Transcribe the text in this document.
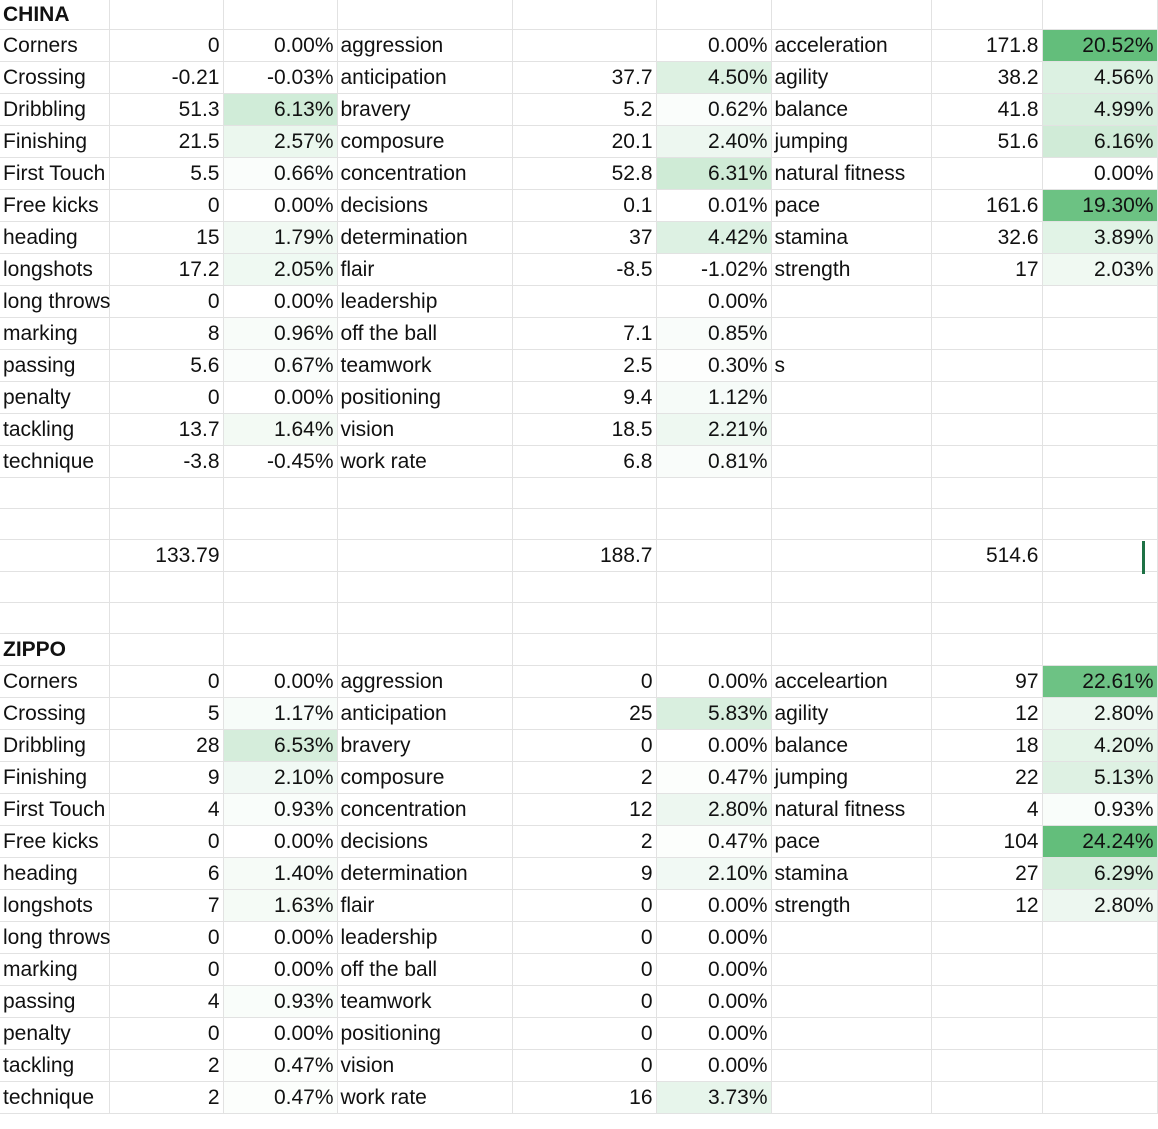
CHINA												
Corners	0		0.00%	aggression			0.00%		acceleration	171.8	20.52%	
Crossing	-0.21		-0.03%	anticipation	37.7		4.50%		agility	38.2	4.56%	
Dribbling	51.3		6.13%	bravery	5.2		0.62%		balance	41.8	4.99%	
Finishing	21.5		2.57%	composure	20.1		2.40%		jumping	51.6	6.16%	
First Touch	5.5		0.66%	concentration	52.8		6.31%		natural fitness		0.00%	
Free kicks	0		0.00%	decisions	0.1		0.01%		pace	161.6	19.30%	
heading	15		1.79%	determination	37		4.42%		stamina	32.6	3.89%	
longshots	17.2		2.05%	flair	-8.5		-1.02%		strength	17	2.03%	
long throws	0		0.00%	leadership			0.00%					
marking	8		0.96%	off the ball	7.1		0.85%					
passing	5.6		0.67%	teamwork	2.5		0.30%		s			
penalty	0		0.00%	positioning	9.4		1.12%					
tackling	13.7		1.64%	vision	18.5		2.21%					
technique	-3.8		-0.45%	work rate	6.8		0.81%					

	133.79				188.7					514.6		

ZIPPO												
Corners	0		0.00%	aggression	0		0.00%		acceleartion	97	22.61%	
Crossing	5		1.17%	anticipation	25		5.83%		agility	12	2.80%	
Dribbling	28		6.53%	bravery	0		0.00%		balance	18	4.20%	
Finishing	9		2.10%	composure	2		0.47%		jumping	22	5.13%	
First Touch	4		0.93%	concentration	12		2.80%		natural fitness	4	0.93%	
Free kicks	0		0.00%	decisions	2		0.47%		pace	104	24.24%	
heading	6		1.40%	determination	9		2.10%		stamina	27	6.29%	
longshots	7		1.63%	flair	0		0.00%		strength	12	2.80%	
long throws	0		0.00%	leadership	0		0.00%					
marking	0		0.00%	off the ball	0		0.00%					
passing	4		0.93%	teamwork	0		0.00%					
penalty	0		0.00%	positioning	0		0.00%					
tackling	2		0.47%	vision	0		0.00%					
technique	2		0.47%	work rate	16		3.73%					
